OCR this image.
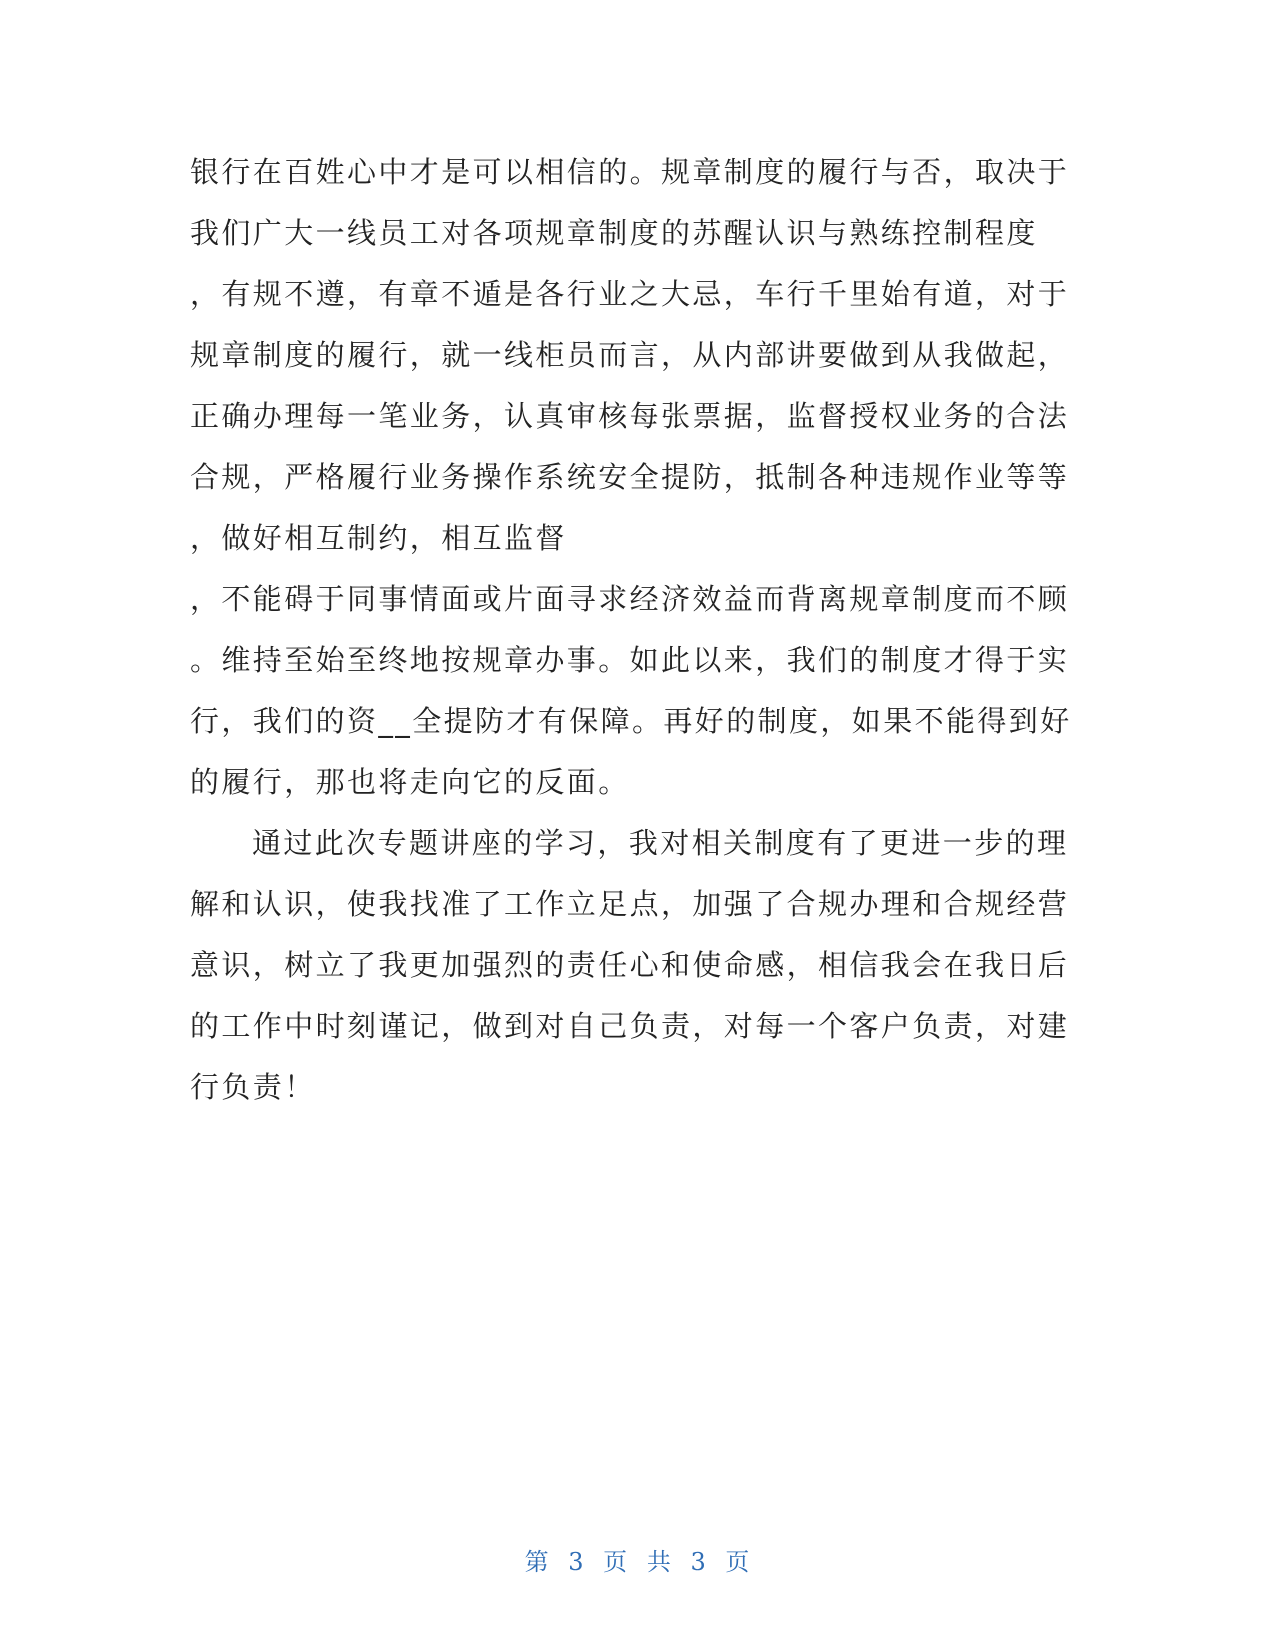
银行在百姓心中才是可以相信的。规章制度的履行与否，取决于
我们广大一线员工对各项规章制度的苏醒认识与熟练控制程度
，有规不遵，有章不遁是各行业之大忌，车行千里始有道，对于
规章制度的履行，就一线柜员而言，从内部讲要做到从我做起，
正确办理每一笔业务，认真审核每张票据，监督授权业务的合法
合规，严格履行业务操作系统安全提防，抵制各种违规作业等等
，做好相互制约，相互监督
，不能碍于同事情面或片面寻求经济效益而背离规章制度而不顾
。维持至始至终地按规章办事。如此以来，我们的制度才得于实
行，我们的资__全提防才有保障。再好的制度，如果不能得到好
的履行，那也将走向它的反面。
通过此次专题讲座的学习，我对相关制度有了更进一步的理
解和认识，使我找准了工作立足点，加强了合规办理和合规经营
意识，树立了我更加强烈的责任心和使命感，相信我会在我日后
的工作中时刻谨记，做到对自己负责，对每一个客户负责，对建
行负责！
第 3 页 共 3 页
